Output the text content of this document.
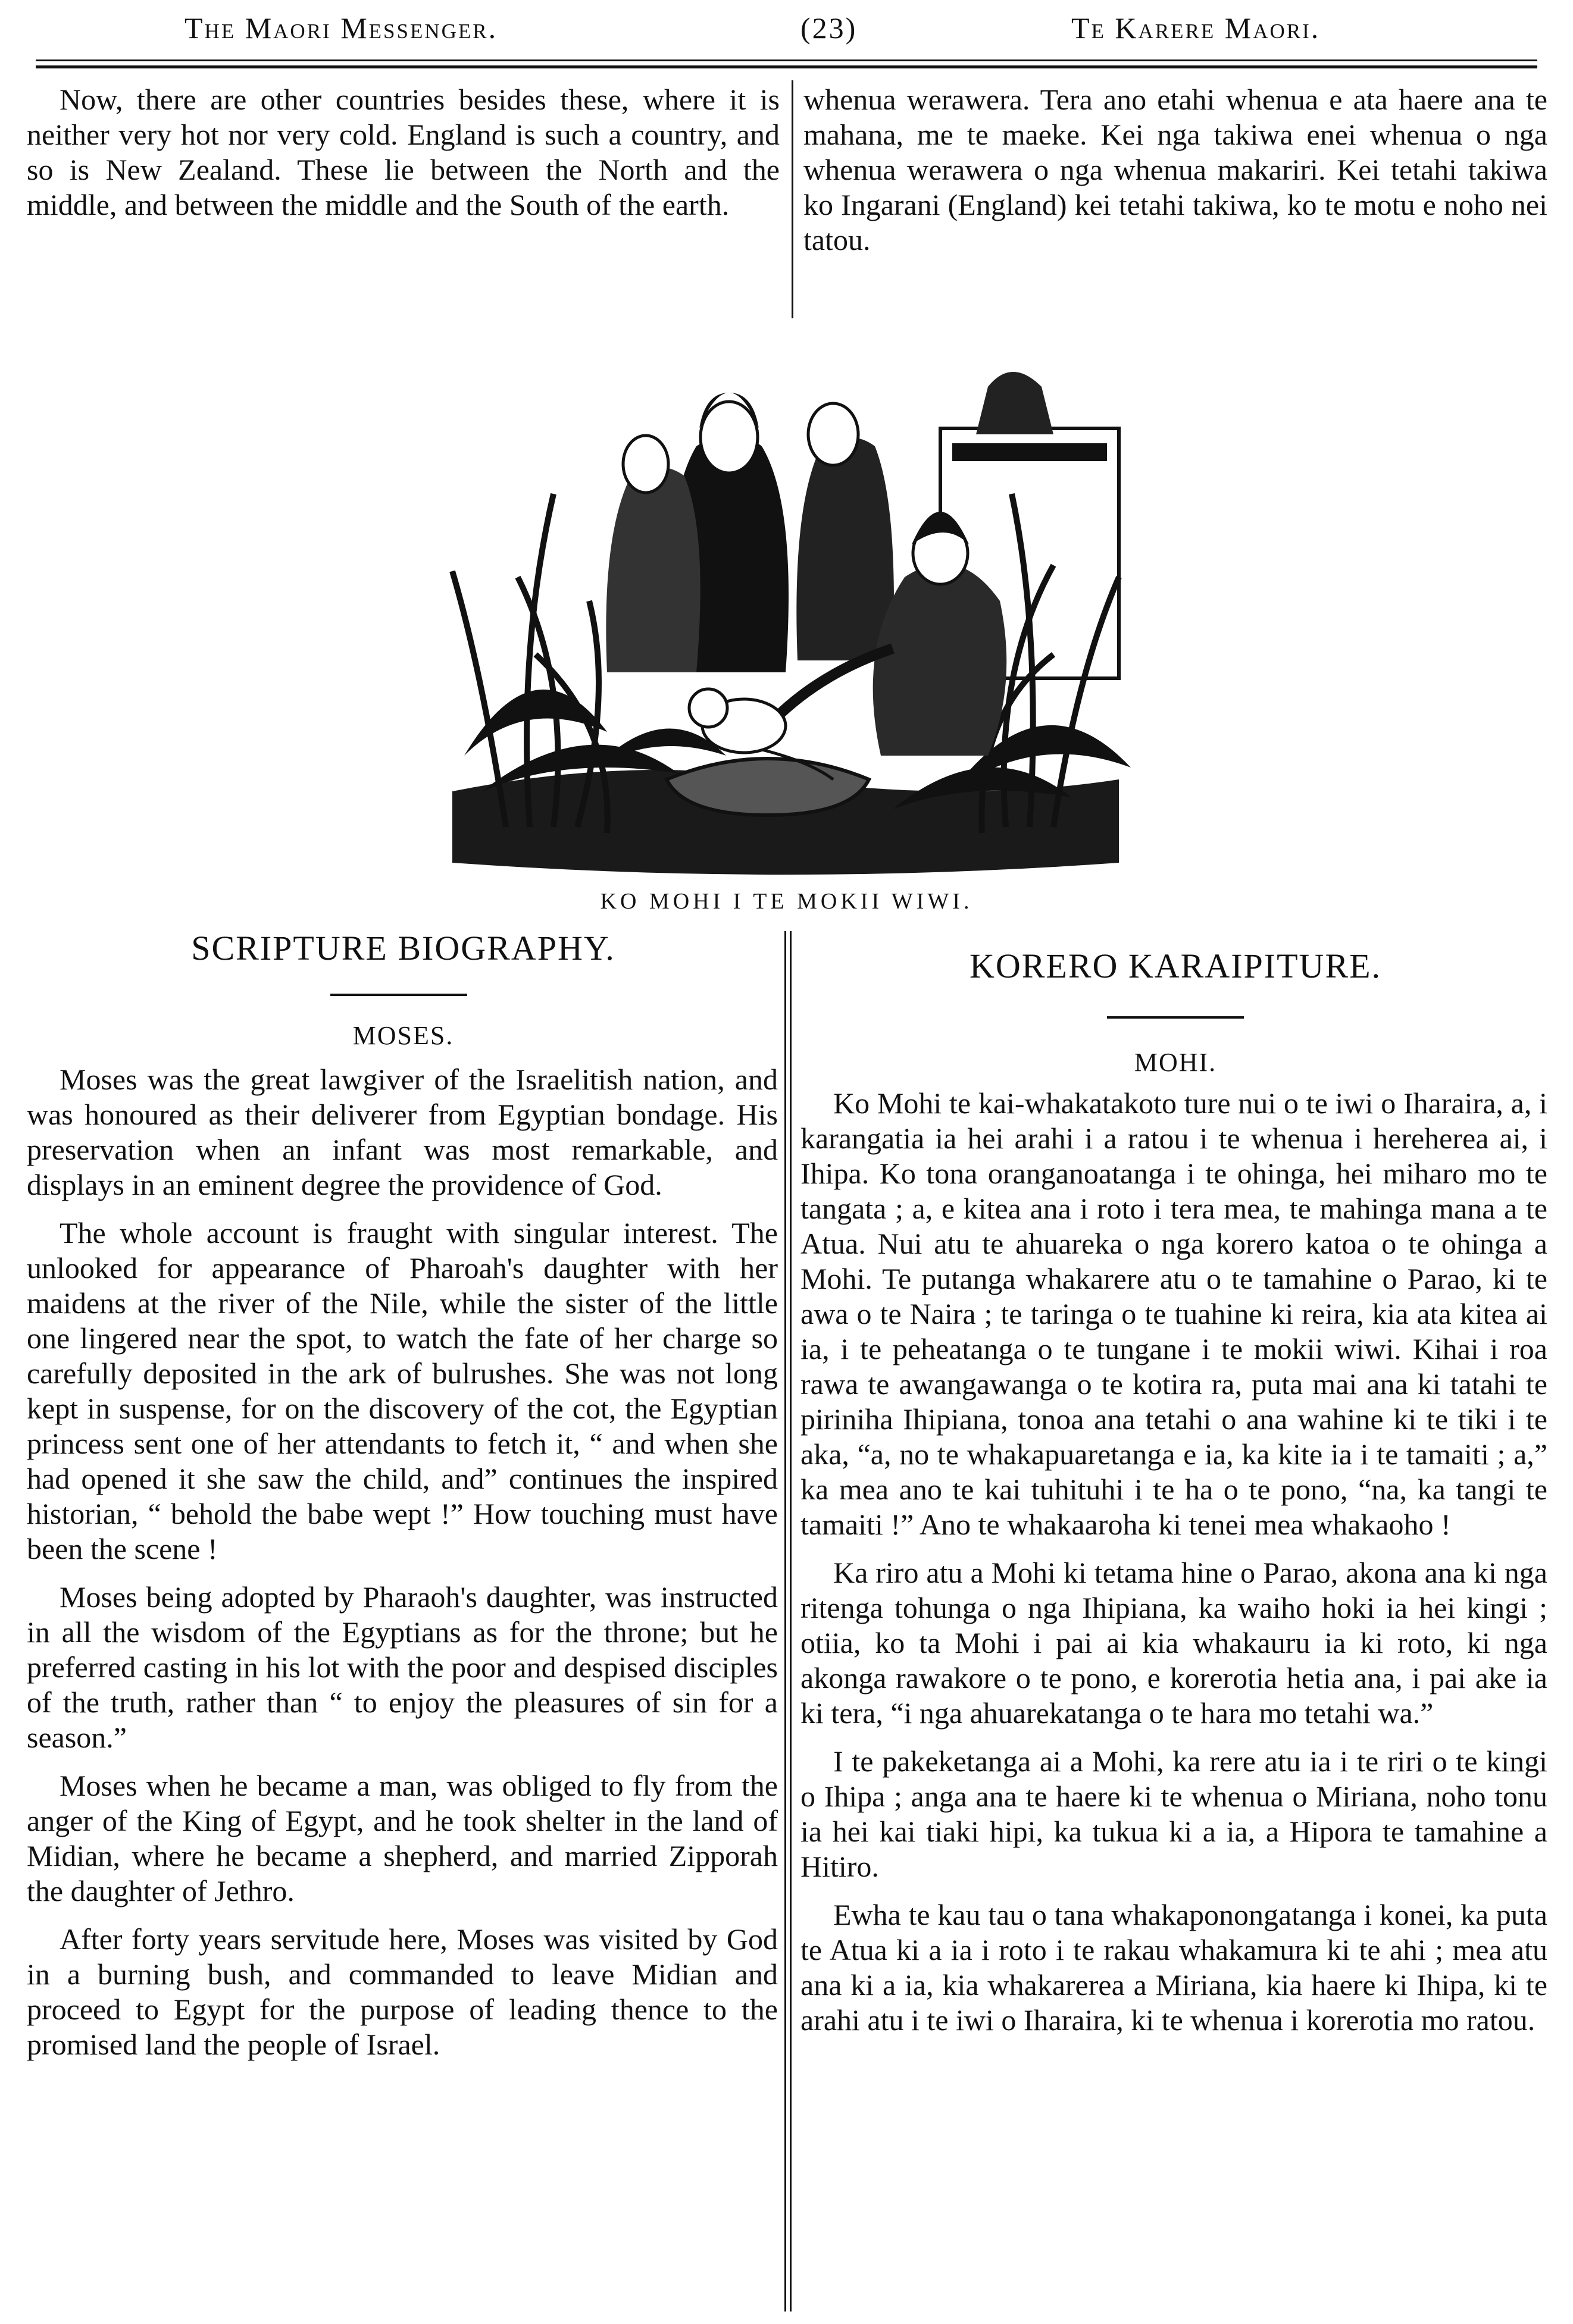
The Maori Messenger.	(23)	Te Karere Maori.

Now, there are other countries besides these, where it is neither very hot nor very cold. England is such a country, and so is New Zealand. These lie between the North and the middle, and between the middle and the South of the earth.

whenua werawera. Tera ano etahi whenua e ata haere ana te mahana, me te maeke. Kei nga takiwa enei whenua o nga whenua werawera o nga whenua makariri. Kei tetahi takiwa ko Ingarani (England) kei tetahi takiwa, ko te motu e noho nei tatou.

KO MOHI I TE MOKII WIWI.
SCRIPTURE BIOGRAPHY.
MOSES.

Moses was the great lawgiver of the Israelitish nation, and was honoured as their deliverer from Egyptian bondage. His preservation when an infant was most remarkable, and displays in an eminent degree the providence of God.

The whole account is fraught with singular interest. The unlooked for appearance of Pharoah's daughter with her maidens at the river of the Nile, while the sister of the little one lingered near the spot, to watch the fate of her charge so carefully deposited in the ark of bulrushes. She was not long kept in suspense, for on the discovery of the cot, the Egyptian princess sent one of her attendants to fetch it, “ and when she had opened it she saw the child, and” continues the inspired historian, “ behold the babe wept !” How touching must have been the scene !

Moses being adopted by Pharaoh's daughter, was instructed in all the wisdom of the Egyptians as for the throne; but he preferred casting in his lot with the poor and despised disciples of the truth, rather than “ to enjoy the pleasures of sin for a season.”

Moses when he became a man, was obliged to fly from the anger of the King of Egypt, and he took shelter in the land of Midian, where he became a shepherd, and married Zipporah the daughter of Jethro.

After forty years servitude here, Moses was visited by God in a burning bush, and commanded to leave Midian and proceed to Egypt for the purpose of leading thence to the promised land the people of Israel.

KORERO KARAIPITURE.
MOHI.

Ko Mohi te kai-whakatakoto ture nui o te iwi o Iharaira, a, i karangatia ia hei arahi i a ratou i te whenua i hereherea ai, i Ihipa. Ko tona oranganoatanga i te ohinga, hei miharo mo te tangata ; a, e kitea ana i roto i tera mea, te mahinga mana a te Atua. Nui atu te ahuareka o nga korero katoa o te ohinga a Mohi. Te putanga whakarere atu o te tamahine o Parao, ki te awa o te Naira ; te taringa o te tuahine ki reira, kia ata kitea ai ia, i te peheatanga o te tungane i te mokii wiwi. Kihai i roa rawa te awangawanga o te kotira ra, puta mai ana ki tatahi te piriniha Ihipiana, tonoa ana tetahi o ana wahine ki te tiki i te aka, “a, no te whakapuaretanga e ia, ka kite ia i te tamaiti ; a,” ka mea ano te kai tuhituhi i te ha o te pono, “na, ka tangi te tamaiti !” Ano te whakaaroha ki tenei mea whakaoho !

Ka riro atu a Mohi ki tetama hine o Parao, akona ana ki nga ritenga tohunga o nga Ihipiana, ka waiho hoki ia hei kingi ; otiia, ko ta Mohi i pai ai kia whakauru ia ki roto, ki nga akonga rawakore o te pono, e korerotia hetia ana, i pai ake ia ki tera, “i nga ahuarekatanga o te hara mo tetahi wa.”

I te pakeketanga ai a Mohi, ka rere atu ia i te riri o te kingi o Ihipa ; anga ana te haere ki te whenua o Miriana, noho tonu ia hei kai tiaki hipi, ka tukua ki a ia, a Hipora te tamahine a Hitiro.

Ewha te kau tau o tana whakaponongatanga i konei, ka puta te Atua ki a ia i roto i te rakau whakamura ki te ahi ; mea atu ana ki a ia, kia whakarerea a Miriana, kia haere ki Ihipa, ki te arahi atu i te iwi o Iharaira, ki te whenua i korerotia mo ratou.
